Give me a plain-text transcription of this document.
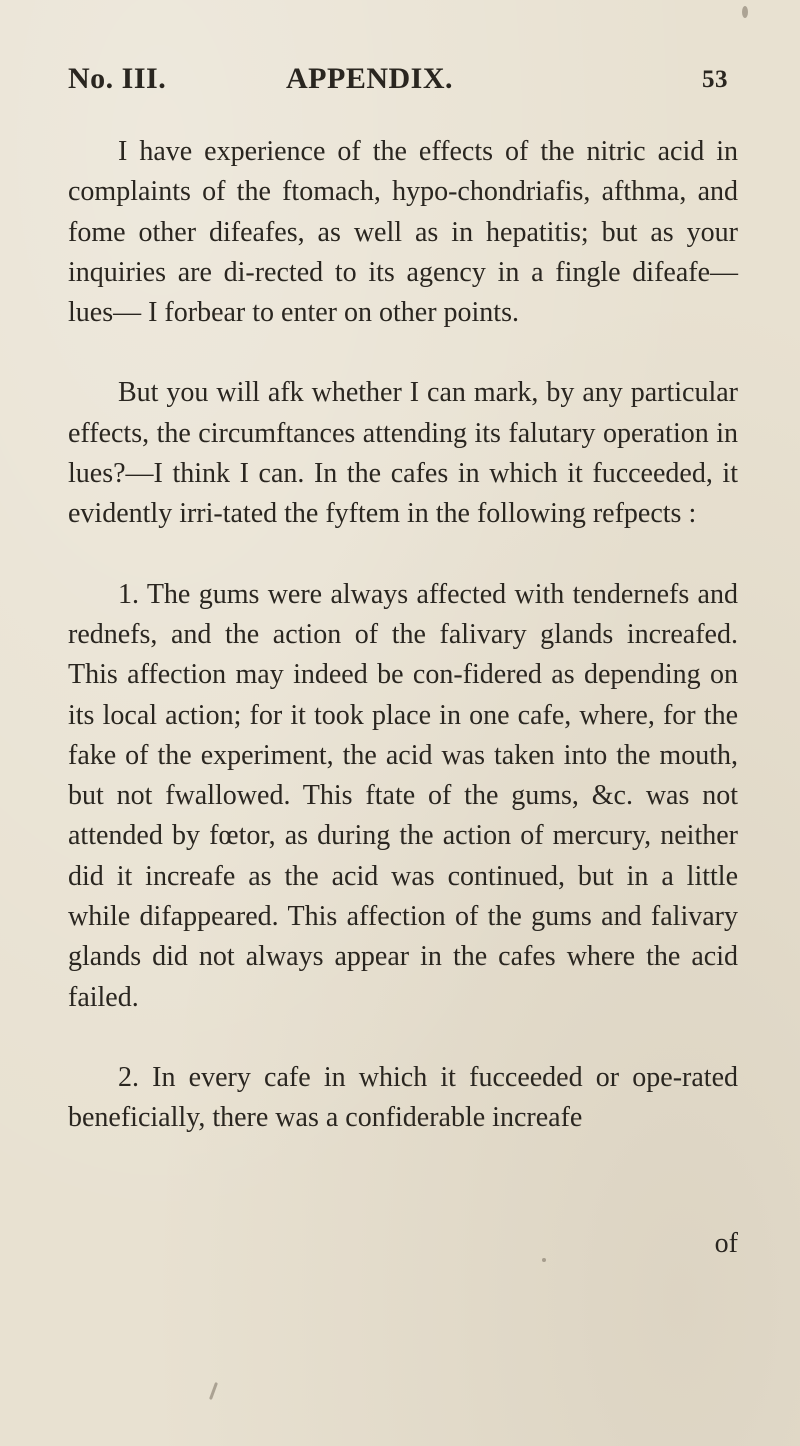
No. III.	APPENDIX.	53

I have experience of the effects of the nitric acid in complaints of the ftomach, hypo-chondriafis, afthma, and fome other difeafes, as well as in hepatitis; but as your inquiries are di-rected to its agency in a fingle difeafe—lues— I forbear to enter on other points.

But you will afk whether I can mark, by any particular effects, the circumftances attending its falutary operation in lues?—I think I can. In the cafes in which it fucceeded, it evidently irri-tated the fyftem in the following refpects :

1. The gums were always affected with tendernefs and rednefs, and the action of the falivary glands increafed. This affection may indeed be con-fidered as depending on its local action; for it took place in one cafe, where, for the fake of the experiment, the acid was taken into the mouth, but not fwallowed. This ftate of the gums, &c. was not attended by fœtor, as during the action of mercury, neither did it increafe as the acid was continued, but in a little while difappeared. This affection of the gums and falivary glands did not always appear in the cafes where the acid failed.

2. In every cafe in which it fucceeded or ope-rated beneficially, there was a confiderable increafe

of
